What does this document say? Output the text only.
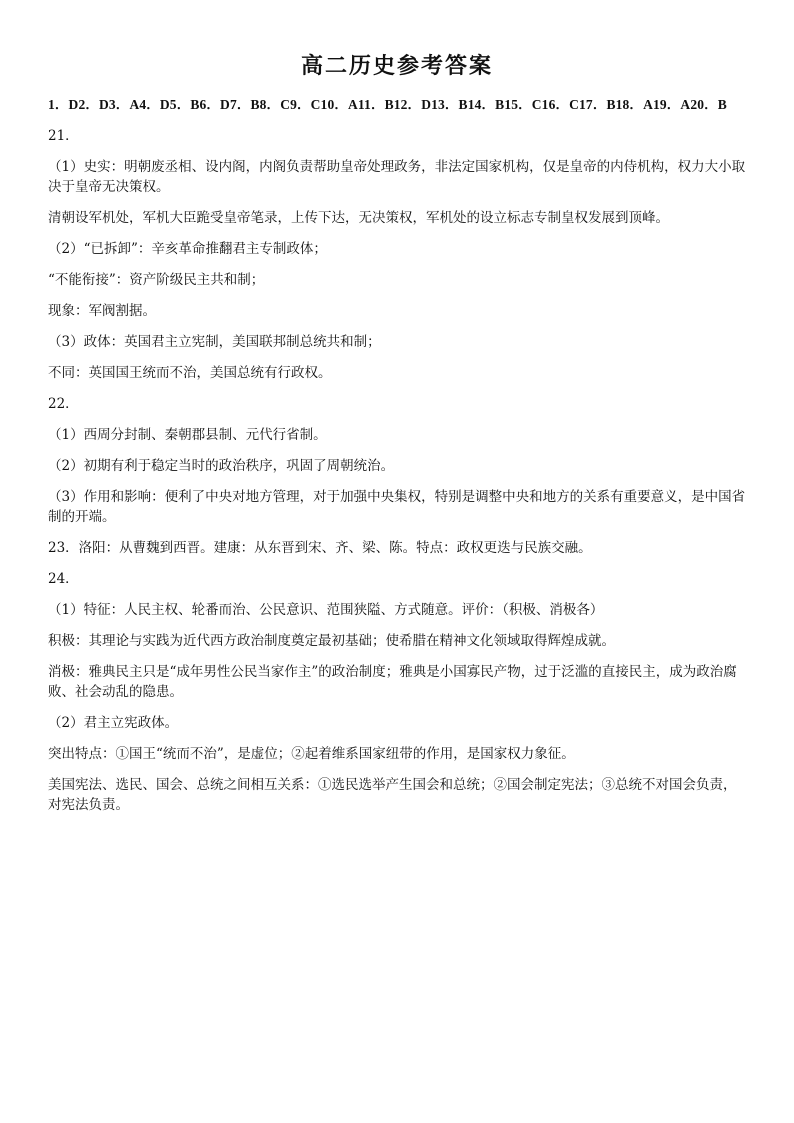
高二历史参考答案
1．D2．D3．A4．D5．B6．D7．B8．C9．C10．A11．B12．D13．B14．B15．C16．C17．B18．A19．A20．B
21．
（1）史实：明朝废丞相、设内阁，内阁负责帮助皇帝处理政务，非法定国家机构，仅是皇帝的内侍机构，权力大小取决于皇帝无决策权。
清朝设军机处，军机大臣跪受皇帝笔录，上传下达，无决策权，军机处的设立标志专制皇权发展到顶峰。
（2）“已拆卸”：辛亥革命推翻君主专制政体；
“不能衔接”：资产阶级民主共和制；
现象：军阀割据。
（3）政体：英国君主立宪制，美国联邦制总统共和制；
不同：英国国王统而不治，美国总统有行政权。
22．
（1）西周分封制、秦朝郡县制、元代行省制。
（2）初期有利于稳定当时的政治秩序，巩固了周朝统治。
（3）作用和影响：便利了中央对地方管理，对于加强中央集权，特别是调整中央和地方的关系有重要意义，是中国省制的开端。
23．洛阳：从曹魏到西晋。建康：从东晋到宋、齐、梁、陈。特点：政权更迭与民族交融。
24．
（1）特征：人民主权、轮番而治、公民意识、范围狭隘、方式随意。评价：（积极、消极各）
积极：其理论与实践为近代西方政治制度奠定最初基础；使希腊在精神文化领域取得辉煌成就。
消极：雅典民主只是“成年男性公民当家作主”的政治制度；雅典是小国寡民产物，过于泛滥的直接民主，成为政治腐败、社会动乱的隐患。
（2）君主立宪政体。
突出特点：①国王“统而不治”，是虚位；②起着维系国家纽带的作用，是国家权力象征。
美国宪法、选民、国会、总统之间相互关系：①选民选举产生国会和总统；②国会制定宪法；③总统不对国会负责，对宪法负责。
